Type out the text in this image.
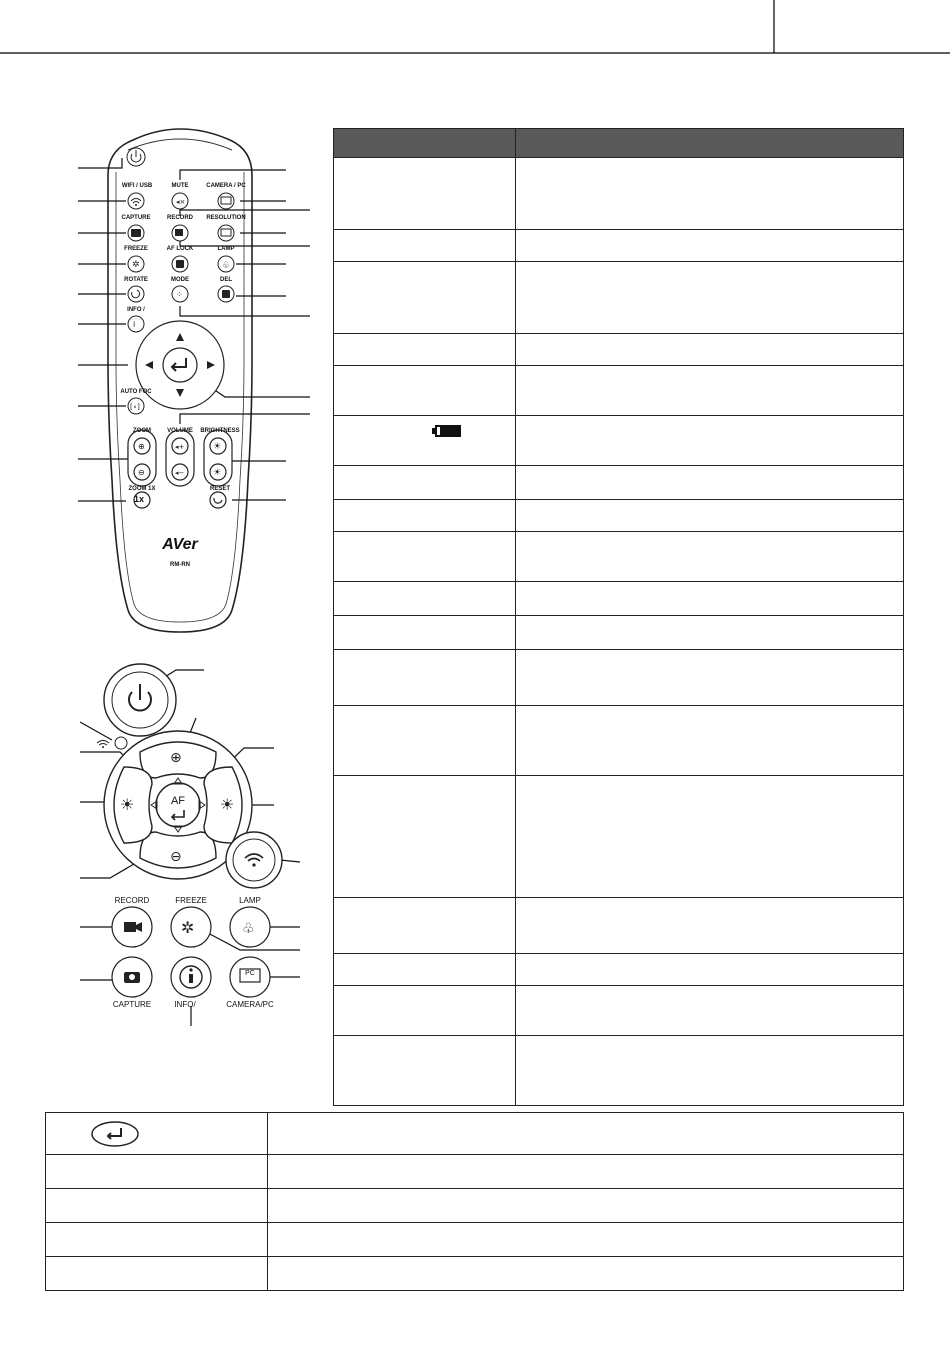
◂×
✲
⁘
i
[∘]
♧
⊕
⊖
◂+
◂−
☀
☀
WIFI / USB	MUTE	CAMERA / PC
CAPTURE	RECORD	RESOLUTION
FREEZE	AF LOCK	LAMP
ROTATE	MODE	DEL
INFO /
AUTO FOC
ZOOM	VOLUME	BRIGHTNESS
ZOOM 1X	RESET
1x
AVer
RM-RN
⊕
⊖
☀	☀
✲	♧
AF
PC
RECORD	FREEZE	LAMP
CAPTURE	INFO/	CAMERA/PC
